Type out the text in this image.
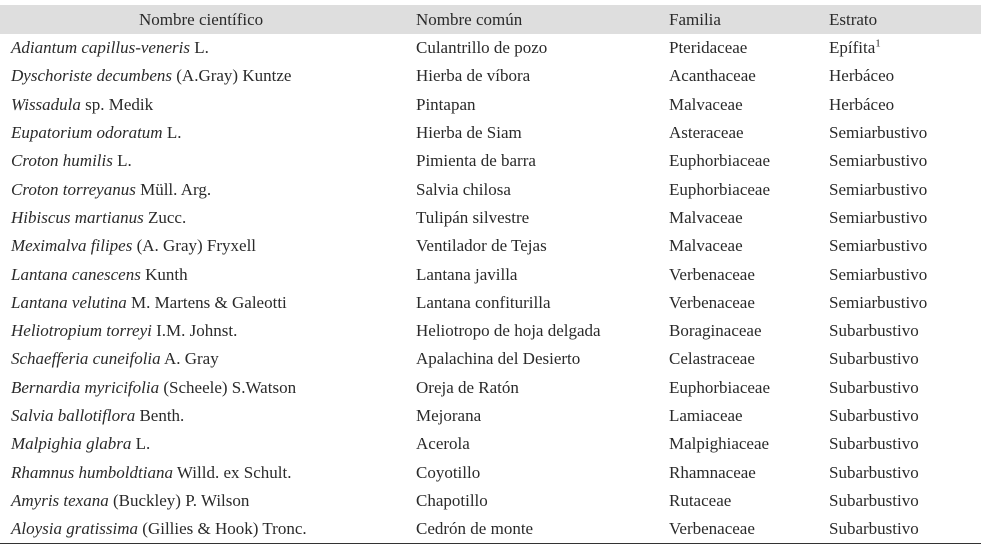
Nombre científico	Nombre común	Familia	Estrato
Adiantum capillus-veneris L.	Culantrillo de pozo	Pteridaceae	Epífita$^1$
Dyschoriste decumbens (A.Gray) Kuntze	Hierba de víbora	Acanthaceae	Herbáceo
Wissadula sp. Medik	Pintapan	Malvaceae	Herbáceo
Eupatorium odoratum L.	Hierba de Siam	Asteraceae	Semiarbustivo
Croton humilis L.	Pimienta de barra	Euphorbiaceae	Semiarbustivo
Croton torreyanus Müll. Arg.	Salvia chilosa	Euphorbiaceae	Semiarbustivo
Hibiscus martianus Zucc.	Tulipán silvestre	Malvaceae	Semiarbustivo
Meximalva filipes (A. Gray) Fryxell	Ventilador de Tejas	Malvaceae	Semiarbustivo
Lantana canescens Kunth	Lantana javilla	Verbenaceae	Semiarbustivo
Lantana velutina M. Martens & Galeotti	Lantana confiturilla	Verbenaceae	Semiarbustivo
Heliotropium torreyi I.M. Johnst.	Heliotropo de hoja delgada	Boraginaceae	Subarbustivo
Schaefferia cuneifolia A. Gray	Apalachina del Desierto	Celastraceae	Subarbustivo
Bernardia myricifolia (Scheele) S.Watson	Oreja de Ratón	Euphorbiaceae	Subarbustivo
Salvia ballotiflora Benth.	Mejorana	Lamiaceae	Subarbustivo
Malpighia glabra L.	Acerola	Malpighiaceae	Subarbustivo
Rhamnus humboldtiana Willd. ex Schult.	Coyotillo	Rhamnaceae	Subarbustivo
Amyris texana (Buckley) P. Wilson	Chapotillo	Rutaceae	Subarbustivo
Aloysia gratissima (Gillies & Hook) Tronc.	Cedrón de monte	Verbenaceae	Subarbustivo
